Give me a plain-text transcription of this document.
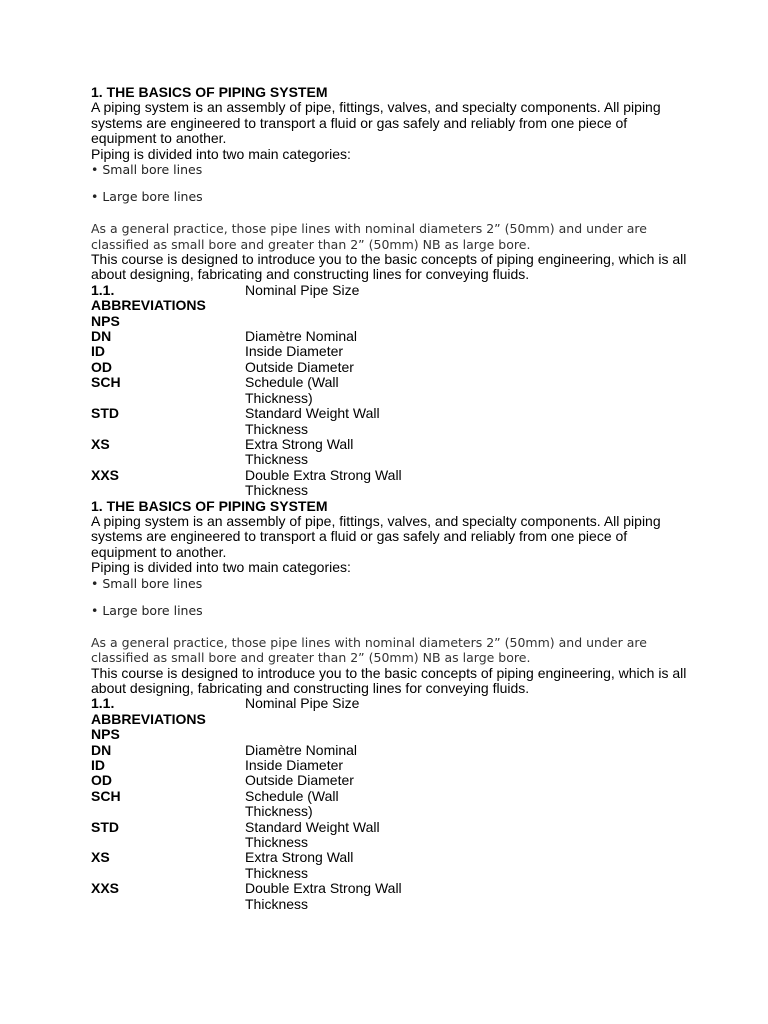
1. THE BASICS OF PIPING SYSTEM

A piping system is an assembly of pipe, fittings, valves, and specialty components. All piping systems are engineered to transport a fluid or gas safely and reliably from one piece of equipment to another.

Piping is divided into two main categories:

• Small bore lines

• Large bore lines

As a general practice, those pipe lines with nominal diameters 2” (50mm) and under are classified as small bore and greater than 2” (50mm) NB as large bore.

This course is designed to introduce you to the basic concepts of piping engineering, which is all about designing, fabricating and constructing lines for conveying fluids.

1.1.	Nominal Pipe Size
ABBREVIATIONS
NPS
DN	Diamètre Nominal
ID	Inside Diameter
OD	Outside Diameter
SCH	Schedule (Wall Thickness)
STD	Standard Weight Wall Thickness
XS	Extra Strong Wall Thickness
XXS	Double Extra Strong Wall Thickness
1. THE BASICS OF PIPING SYSTEM

A piping system is an assembly of pipe, fittings, valves, and specialty components. All piping systems are engineered to transport a fluid or gas safely and reliably from one piece of equipment to another.

Piping is divided into two main categories:

• Small bore lines

• Large bore lines

As a general practice, those pipe lines with nominal diameters 2” (50mm) and under are classified as small bore and greater than 2” (50mm) NB as large bore.

This course is designed to introduce you to the basic concepts of piping engineering, which is all about designing, fabricating and constructing lines for conveying fluids.

1.1.	Nominal Pipe Size
ABBREVIATIONS
NPS
DN	Diamètre Nominal
ID	Inside Diameter
OD	Outside Diameter
SCH	Schedule (Wall Thickness)
STD	Standard Weight Wall Thickness
XS	Extra Strong Wall Thickness
XXS	Double Extra Strong Wall Thickness
